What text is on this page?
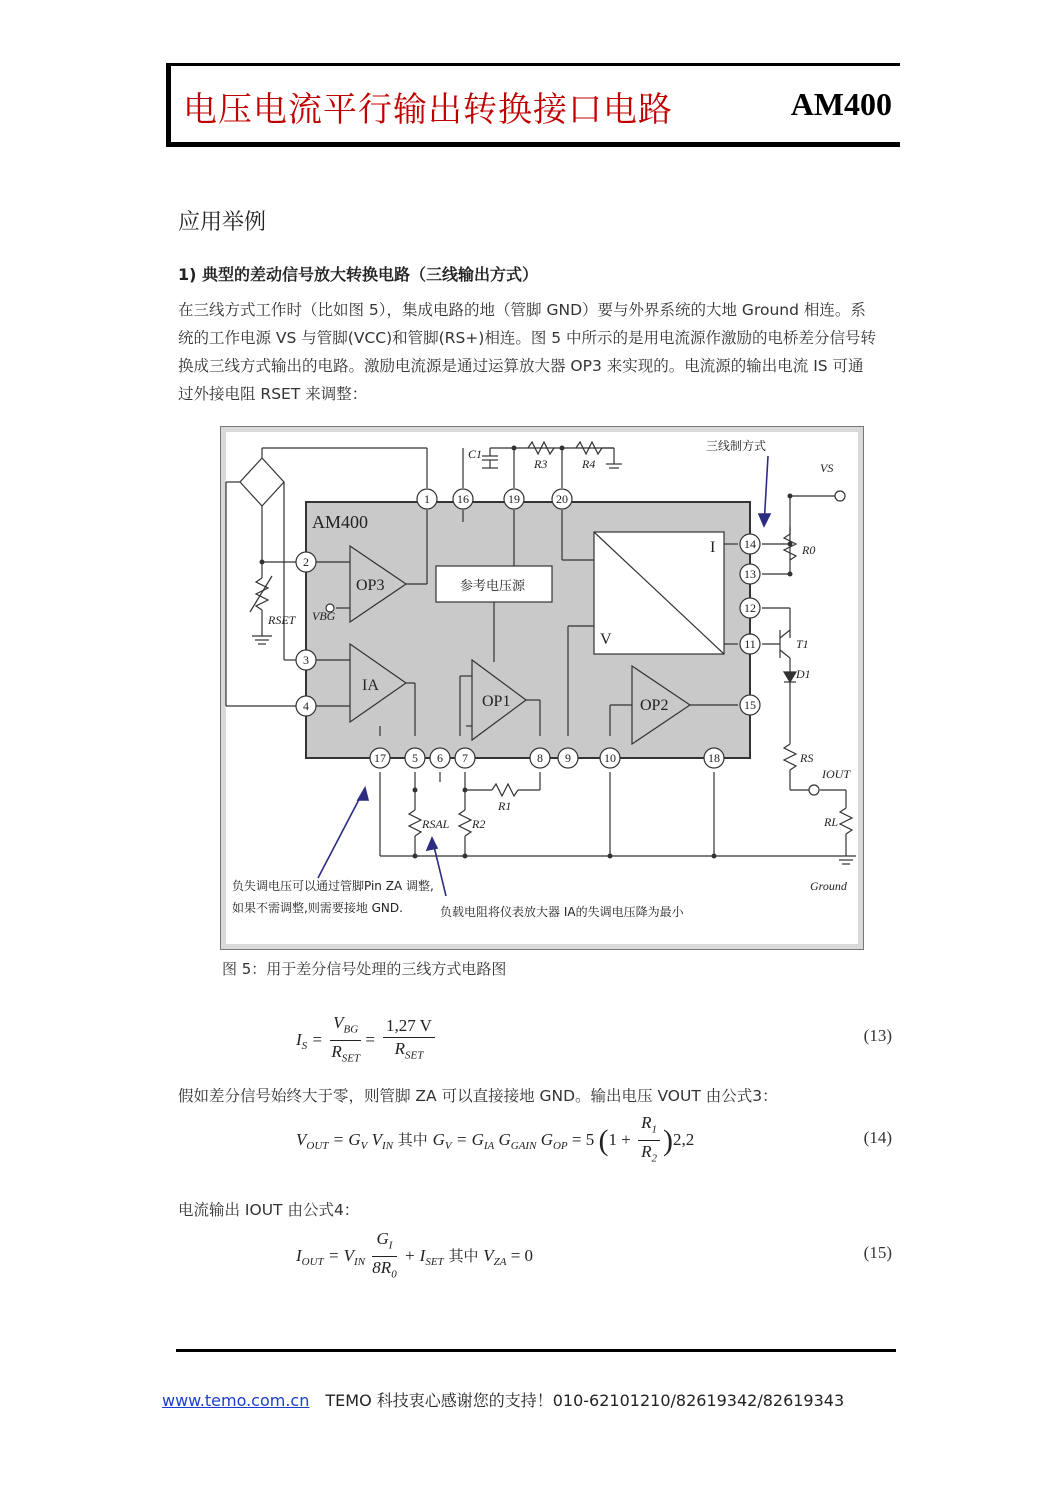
电压电流平行输出转换接口电路	AM400
应用举例
1) 典型的差动信号放大转换电路（三线输出方式）
在三线方式工作时（比如图 5），集成电路的地（管脚 GND）要与外界系统的大地 Ground 相连。系
统的工作电源 VS 与管脚(VCC)和管脚(RS+)相连。图 5 中所示的是用电流源作激励的电桥差分信号转
换成三线方式输出的电路。激励电流源是通过运算放大器 OP3 来实现的。电流源的输出电流 IS 可通
过外接电阻 RSET 来调整：
AM400
OP3
IA
OP1	OP2
I
V
参考电压源
三线制方式
C1
R3	R4	VS
R0
T1
D1
RS
IOUT
RL
Ground
RSET VBG
R1
R2
RSAL
1 16	19	20
2
3
4
14
13
12
11
15
17 5 6 7	8 9	10	18
负失调电压可以通过管脚Pin ZA 调整,
如果不需调整,则需要接地 GND.	负载电阻将仪表放大器 IA的失调电压降为最小
图 5：用于差分信号处理的三线方式电路图
$I_S = \frac{V_{BG}}{R_{SET}} = \frac{1,27 V}{R_{SET}}$	(13)
假如差分信号始终大于零，则管脚 ZA 可以直接接地 GND。输出电压 VOUT 由公式3：
$V_{OUT} = G_V$ $V_{IN}$ 其中 $G_V = G_{IA}$ $G_{GAIN}$ $G_{OP} = 5$ $(1 + \frac{R_1}{R_2} )2,2$	(14)
电流输出 IOUT 由公式4：
$I_{OUT} = V_{IN} \frac{G_I}{8R_0} + I_{SET}$ 其中 $V_{ZA} = 0$	(15)
www.temo.com.cn TEMO 科技衷心感谢您的支持！010-62101210/82619342/82619343
